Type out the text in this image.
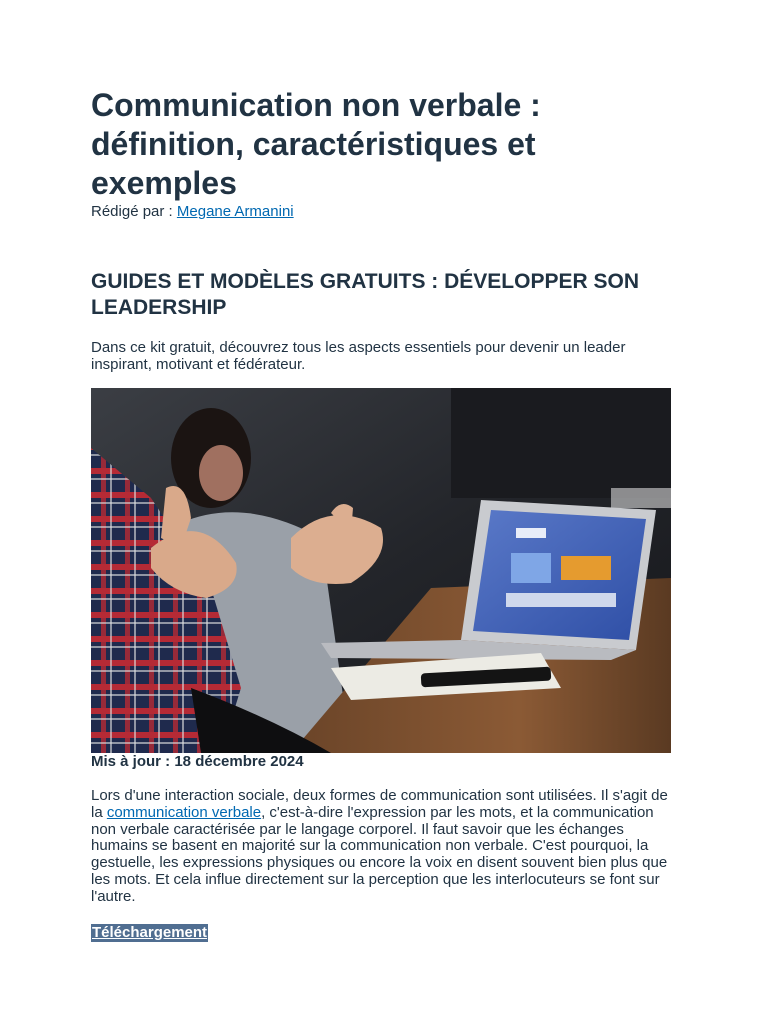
Communication non verbale : définition, caractéristiques et exemples
Rédigé par : Megane Armanini
GUIDES ET MODÈLES GRATUITS : DÉVELOPPER SON LEADERSHIP
Dans ce kit gratuit, découvrez tous les aspects essentiels pour devenir un leader inspirant, motivant et fédérateur.
Mis à jour : 18 décembre 2024
Lors d'une interaction sociale, deux formes de communication sont utilisées. Il s'agit de la communication verbale, c'est-à-dire l'expression par les mots, et la communication non verbale caractérisée par le langage corporel. Il faut savoir que les échanges humains se basent en majorité sur la communication non verbale. C'est pourquoi, la gestuelle, les expressions physiques ou encore la voix en disent souvent bien plus que les mots. Et cela influe directement sur la perception que les interlocuteurs se font sur l'autre.
Téléchargement
